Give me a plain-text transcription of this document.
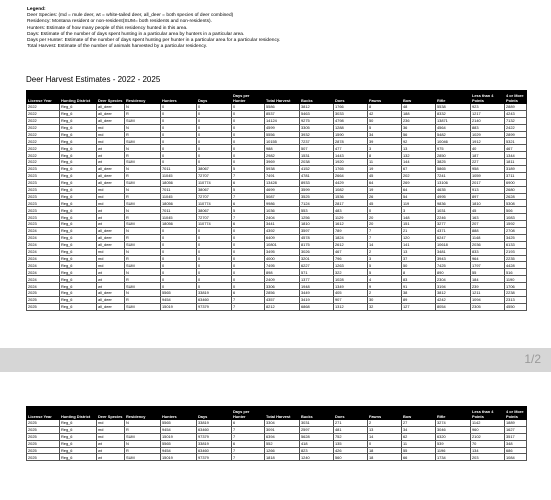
Legend:
Deer Species: (md = mule deer, wt = white-tailed deer, all_deer = both species of deer combined)
Residency: Montana resident or non-resident(SUM= both residents and non-residents).
Hunters: Estimate of how many people of this residency hunted in this area.
Days: Estimate of the number of days spent hunting in a particular area by hunters in a particular area.
Days per Hunter: Estimate of the number of days spent hunting per hunter in a particular area for a particular residency.
Total Harvest: Estimate of the number of animals harvested by a particular residency.
Deer Harvest Estimates - 2022 - 2025
License Year	Hunting District	Deer Species	Residency	Hunters	Days	Days per Hunter	Total Harvest	Bucks	Does	Fawns	Bow	Rifle	Less than 4 Points	4 or More Points
2022	Reg_6	all_deer	N	0	0	0	5586	3812	1766	8	48	5538	923	2889
2022	Reg_6	all_deer	R	0	0	0	8537	5463	3033	42	188	8332	1217	4243
2022	Reg_6	all_deer	SUM	0	0	0	14124	9275	4798	50	236	13871	2140	7132
2022	Reg_6	md	N	0	0	0	4599	3305	1288	5	36	4564	883	2422
2022	Reg_6	md	R	0	0	0	5556	3932	1590	34	56	5482	1029	2899
2022	Reg_6	md	SUM	0	0	0	10155	7237	2878	39	92	10046	1912	5321
2022	Reg_6	wt	N	0	0	0	988	507	477	3	13	975	40	467
2022	Reg_6	wt	R	0	0	0	2982	1531	1443	8	132	2850	187	1344
2022	Reg_6	wt	SUM	0	0	0	3969	2038	1920	11	144	3825	227	1811
2023	Reg_6	all_deer	N	7011	38067	5	5938	4152	1765	19	67	5865	958	3189
2023	Reg_6	all_deer	R	11045	72707	7	7491	4781	2664	45	202	7241	1059	3711
2023	Reg_6	all_deer	SUM	18056	110774	6	13428	8933	4429	64	269	13106	2017	6900
2023	Reg_6	md	N	7011	38067	5	4699	3599	1082	19	64	4635	913	2680
2023	Reg_6	md	R	11045	72707	7	5087	3525	1536	26	54	4995	897	2628
2023	Reg_6	md	SUM	18056	110774	6	9986	7124	2817	45	119	9836	1810	5308
2023	Reg_6	wt	N	7011	38067	5	1036	553	483	0	3	1031	45	506
2023	Reg_6	wt	R	11045	72707	7	2404	1256	1129	20	148	2246	163	1083
2023	Reg_6	wt	SUM	18056	110774	6	3441	1810	1612	20	151	3277	207	1592
2024	Reg_6	all_deer	N	0	0	0	4392	3597	789	7	21	4371	888	2708
2024	Reg_6	all_deer	R	0	0	0	6409	4578	1824	7	120	6247	1148	3425
2024	Reg_6	all_deer	SUM	0	0	0	10801	8175	2612	14	141	10618	2036	6133
2024	Reg_6	md	N	0	0	0	3495	3026	467	2	13	3481	833	2193
2024	Reg_6	md	R	0	0	0	4000	3201	796	3	37	3943	964	2235
2024	Reg_6	md	SUM	0	0	0	7495	6227	1263	5	50	7425	1797	4428
2024	Reg_6	wt	N	0	0	0	898	571	322	5	8	890	55	516
2024	Reg_6	wt	R	0	0	0	2409	1377	1028	4	83	2304	184	1190
2024	Reg_6	wt	SUM	0	0	0	3306	1948	1349	9	91	3194	239	1706
2025	Reg_6	all_deer	N	5565	33819	6	2856	3449	405	2	38	3812	1211	2238
2025	Reg_6	all_deer	R	9454	63460	7	4357	3419	907	30	89	4242	1094	2313
2025	Reg_6	all_deer	SUM	15019	97379	7	8212	6868	1312	32	127	8054	2305	4550
1/2
License Year	Hunting District	Deer Species	Residency	Hunters	Days	Days per Hunter	Total Harvest	Bucks	Does	Fawns	Bow	Rifle	Less than 4 Points	4 or More Points
2025	Reg_6	md	N	5565	33819	6	3304	3031	271	2	27	3274	1142	1889
2025	Reg_6	md	R	9454	63460	7	3091	2597	481	13	34	3046	960	1627
2025	Reg_6	md	SUM	15019	97379	7	6394	5628	752	14	62	6320	2102	3517
2025	Reg_6	wt	N	5565	33819	6	552	418	135	0	11	539	70	348
2025	Reg_6	wt	R	9454	63460	7	1266	823	426	18	55	1196	134	686
2025	Reg_6	wt	SUM	15019	97379	7	1818	1240	560	18	66	1734	203	1084
